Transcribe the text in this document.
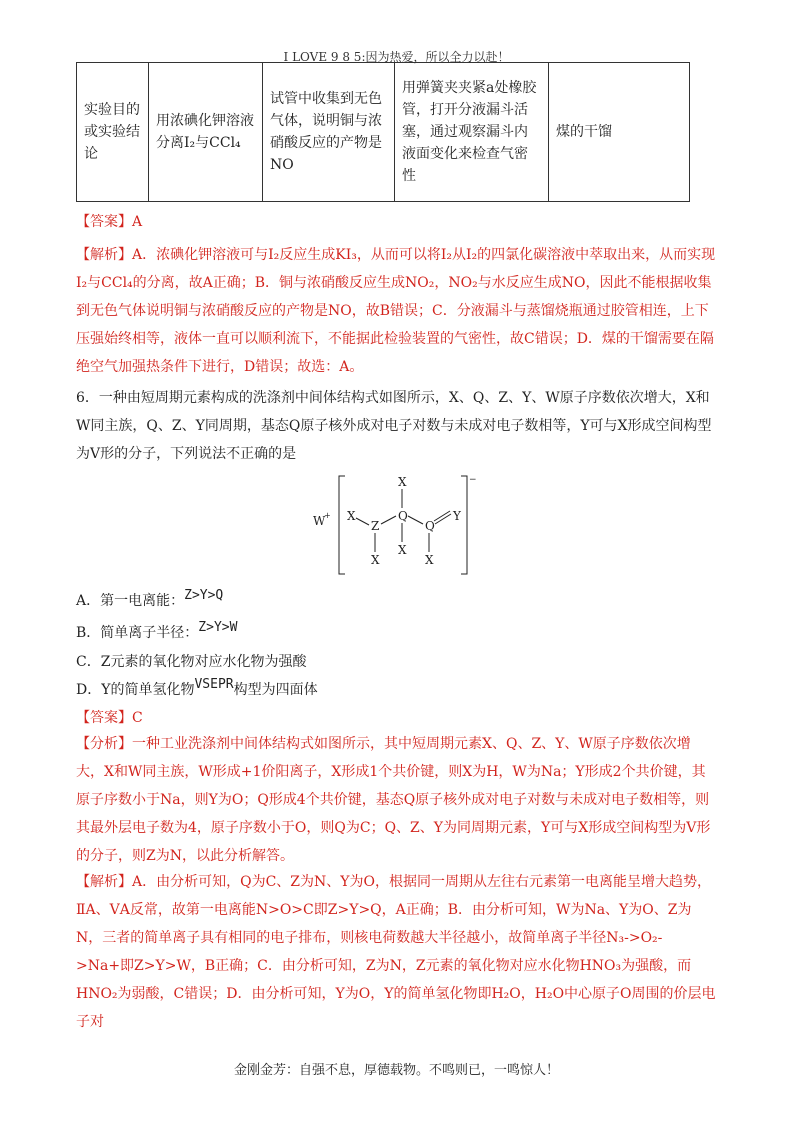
I LOVE 9 8 5:因为热爱，所以全力以赴！
实验目的或实验结论	用浓碘化钾溶液分离I₂与CCl₄	试管中收集到无色气体，说明铜与浓硝酸反应的产物是NO	用弹簧夹夹紧a处橡胶管，打开分液漏斗活塞，通过观察漏斗内液面变化来检查气密性	煤的干馏
【答案】A

【解析】A．浓碘化钾溶液可与I₂反应生成KI₃，从而可以将I₂从I₂的四氯化碳溶液中萃取出来，从而实现I₂与CCl₄的分离，故A正确；B．铜与浓硝酸反应生成NO₂，NO₂与水反应生成NO，因此不能根据收集到无色气体说明铜与浓硝酸反应的产物是NO，故B错误；C．分液漏斗与蒸馏烧瓶通过胶管相连，上下压强始终相等，液体一直可以顺利流下，不能据此检验装置的气密性，故C错误；D．煤的干馏需要在隔绝空气加强热条件下进行，D错误；故选：A。

6．一种由短周期元素构成的洗涤剂中间体结构式如图所示，X、Q、Z、Y、W原子序数依次增大，X和W同主族，Q、Z、Y同周期，基态Q原子核外成对电子对数与未成对电子数相等，Y可与X形成空间构型为V形的分子，下列说法不正确的是

W
+
−
X
Z
Q
Q
Y
X
X
X
X
A．第一电离能：Z>Y>Q
B．简单离子半径：Z>Y>W
C．Z元素的氧化物对应水化物为强酸
D．Y的简单氢化物VSEPR构型为四面体
【答案】C

【分析】一种工业洗涤剂中间体结构式如图所示，其中短周期元素X、Q、Z、Y、W原子序数依次增大，X和W同主族，W形成+1价阳离子，X形成1个共价键，则X为H，W为Na；Y形成2个共价键，其原子序数小于Na，则Y为O；Q形成4个共价键，基态Q原子核外成对电子对数与未成对电子数相等，则其最外层电子数为4，原子序数小于O，则Q为C；Q、Z、Y为同周期元素，Y可与X形成空间构型为V形的分子，则Z为N，以此分析解答。

【解析】A．由分析可知，Q为C、Z为N、Y为O，根据同一周期从左往右元素第一电离能呈增大趋势，ⅡA、ⅤA反常，故第一电离能N>O>C即Z>Y>Q，A正确；B．由分析可知，W为Na、Y为O、Z为N，三者的简单离子具有相同的电子排布，则核电荷数越大半径越小，故简单离子半径N₃->O₂->Na+即Z>Y>W，B正确；C．由分析可知，Z为N，Z元素的氧化物对应水化物HNO₃为强酸，而HNO₂为弱酸，C错误；D．由分析可知，Y为O，Y的简单氢化物即H₂O，H₂O中心原子O周围的价层电子对

金刚金芳：自强不息，厚德载物。不鸣则已，一鸣惊人！
